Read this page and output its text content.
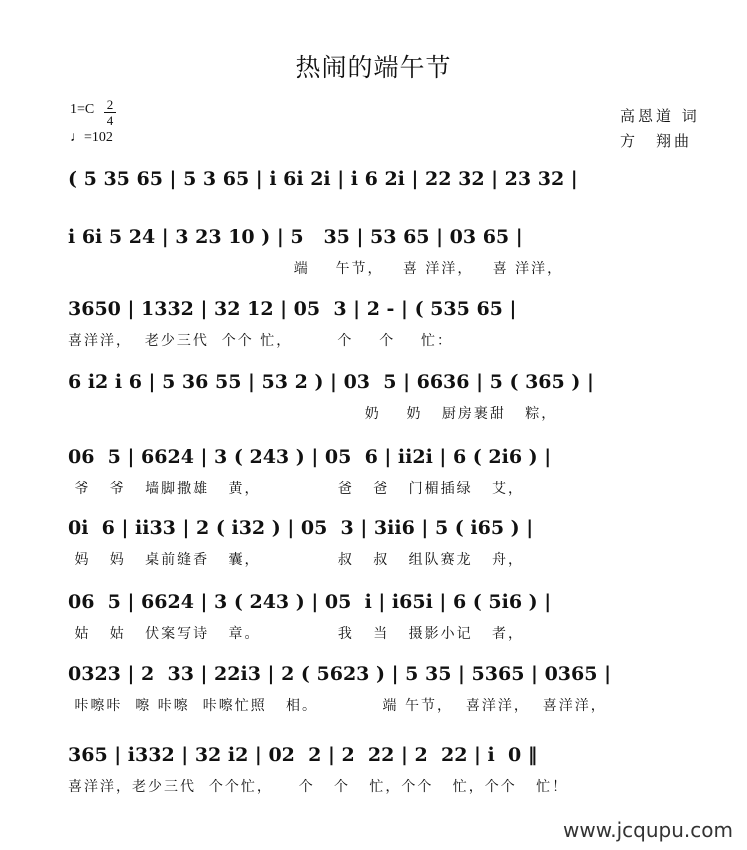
热闹的端午节
1=C 2
4
♩=102
高恩道 词
方　翔曲
( 5 35 65 | 5 3 65 | i 6i 2i | i 6 2i | 22 32 | 23 32 |
i 6i 5 24 | 3 23 10 ) | 5   35 | 53 65 | 03 65 |
端    午节，   喜 洋洋，   喜 洋洋，
3650 | 1332 | 32 12 | 05  3 | 2 - | ( 535 65 |
喜洋洋，  老少三代  个个 忙，       个    个    忙：
6 i2 i 6 | 5 36 55 | 53 2 ) | 03  5 | 6636 | 5 ( 365 ) |
奶    奶   厨房裹甜   粽，
06  5 | 6624 | 3 ( 243 ) | 05  6 | ii2i | 6 ( 2i6 ) |
爷   爷   墙脚撒雄   黄，            爸   爸   门楣插绿   艾，
0i  6 | ii33 | 2 ( i32 ) | 05  3 | 3ii6 | 5 ( i65 ) |
妈   妈   桌前缝香   囊，            叔   叔   组队赛龙   舟，
06  5 | 6624 | 3 ( 243 ) | 05  i | i65i | 6 ( 5i6 ) |
姑   姑   伏案写诗   章。            我   当   摄影小记   者，
0323 | 2  33 | 22i3 | 2 ( 5623 ) | 5 35 | 5365 | 0365 |
咔嚓咔  嚓 咔嚓  咔嚓忙照   相。          端 午节，  喜洋洋，  喜洋洋，
365 | i332 | 32 i2 | 02  2 | 2  22 | 2  22 | i  0 ‖
喜洋洋，老少三代  个个忙，    个   个   忙，个个   忙，个个   忙！
www.jcqupu.com
